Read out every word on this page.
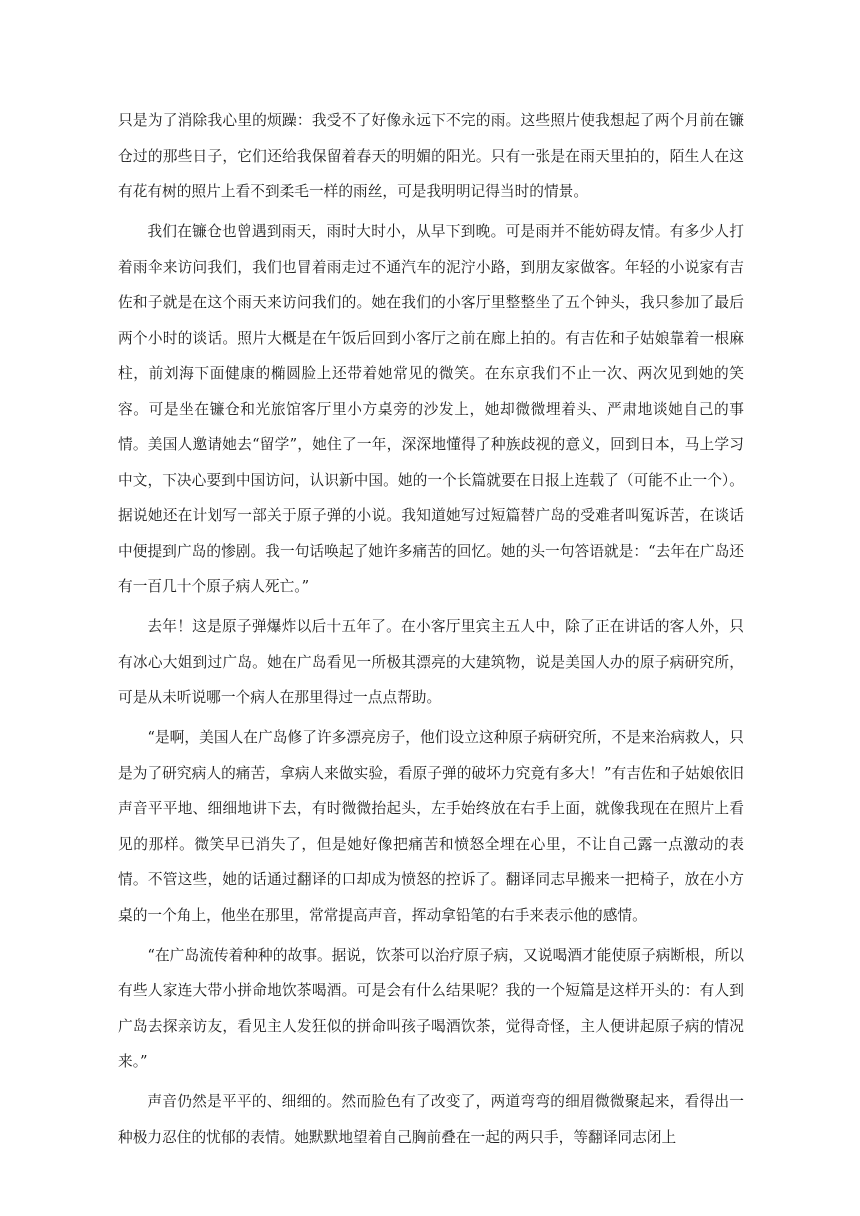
只是为了消除我心里的烦躁：我受不了好像永远下不完的雨。这些照片使我想起了两个月前在镰仓过的那些日子，它们还给我保留着春天的明媚的阳光。只有一张是在雨天里拍的，陌生人在这有花有树的照片上看不到柔毛一样的雨丝，可是我明明记得当时的情景。

我们在镰仓也曾遇到雨天，雨时大时小，从早下到晚。可是雨并不能妨碍友情。有多少人打着雨伞来访问我们，我们也冒着雨走过不通汽车的泥泞小路，到朋友家做客。年轻的小说家有吉佐和子就是在这个雨天来访问我们的。她在我们的小客厅里整整坐了五个钟头，我只参加了最后两个小时的谈话。照片大概是在午饭后回到小客厅之前在廊上拍的。有吉佐和子姑娘靠着一根麻柱，前刘海下面健康的椭圆脸上还带着她常见的微笑。在东京我们不止一次、两次见到她的笑容。可是坐在镰仓和光旅馆客厅里小方桌旁的沙发上，她却微微埋着头、严肃地谈她自己的事情。美国人邀请她去“留学”，她住了一年，深深地懂得了种族歧视的意义，回到日本，马上学习中文，下决心要到中国访问，认识新中国。她的一个长篇就要在日报上连载了（可能不止一个）。据说她还在计划写一部关于原子弹的小说。我知道她写过短篇替广岛的受难者叫冤诉苦，在谈话中便提到广岛的惨剧。我一句话唤起了她许多痛苦的回忆。她的头一句答语就是：“去年在广岛还有一百几十个原子病人死亡。”

去年！这是原子弹爆炸以后十五年了。在小客厅里宾主五人中，除了正在讲话的客人外，只有冰心大姐到过广岛。她在广岛看见一所极其漂亮的大建筑物，说是美国人办的原子病研究所，可是从未听说哪一个病人在那里得过一点点帮助。

“是啊，美国人在广岛修了许多漂亮房子，他们设立这种原子病研究所，不是来治病救人，只是为了研究病人的痛苦，拿病人来做实验，看原子弹的破坏力究竟有多大！”有吉佐和子姑娘依旧声音平平地、细细地讲下去，有时微微抬起头，左手始终放在右手上面，就像我现在在照片上看见的那样。微笑早已消失了，但是她好像把痛苦和愤怒全埋在心里，不让自己露一点激动的表情。不管这些，她的话通过翻译的口却成为愤怒的控诉了。翻译同志早搬来一把椅子，放在小方桌的一个角上，他坐在那里，常常提高声音，挥动拿铅笔的右手来表示他的感情。

“在广岛流传着种种的故事。据说，饮茶可以治疗原子病，又说喝酒才能使原子病断根，所以有些人家连大带小拼命地饮茶喝酒。可是会有什么结果呢？我的一个短篇是这样开头的：有人到广岛去探亲访友，看见主人发狂似的拼命叫孩子喝酒饮茶，觉得奇怪，主人便讲起原子病的情况来。”

声音仍然是平平的、细细的。然而脸色有了改变了，两道弯弯的细眉微微聚起来，看得出一种极力忍住的忧郁的表情。她默默地望着自己胸前叠在一起的两只手，等翻译同志闭上
